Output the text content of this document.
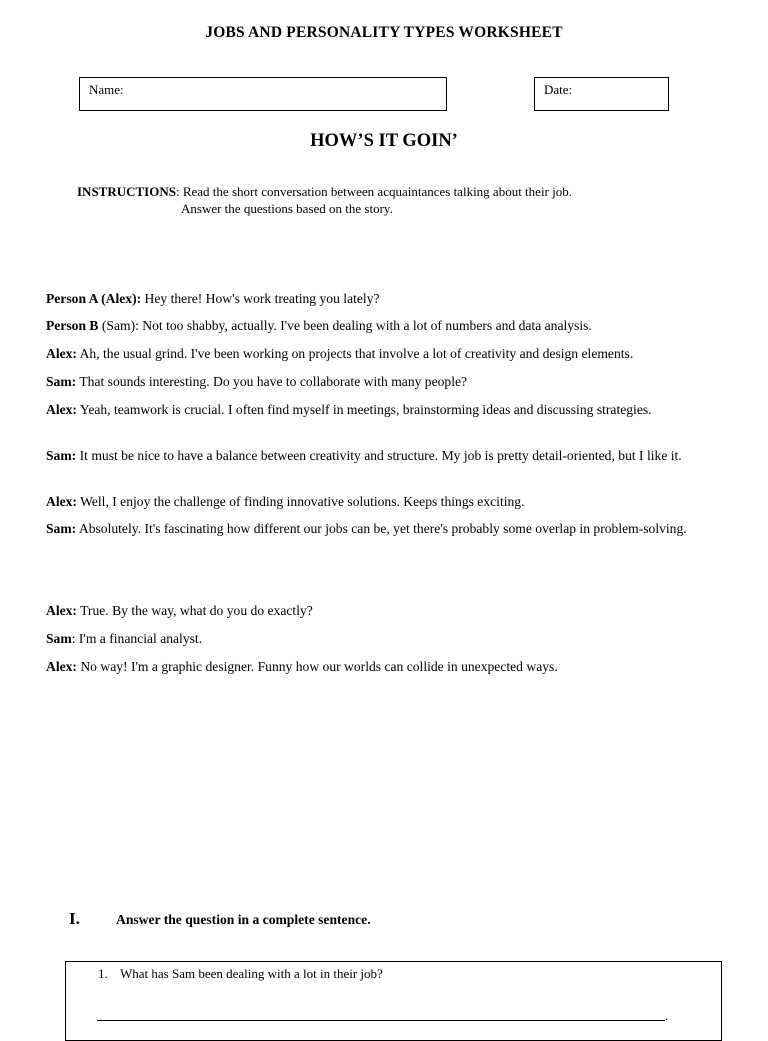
JOBS AND PERSONALITY TYPES WORKSHEET
Name:	Date:
HOW’S IT GOIN’
INSTRUCTIONS: Read the short conversation between acquaintances talking about their job.
Answer the questions based on the story.
Person A (Alex): Hey there! How's work treating you lately?
Person B (Sam): Not too shabby, actually. I've been dealing with a lot of numbers and data analysis.
Alex: Ah, the usual grind. I've been working on projects that involve a lot of creativity and design elements.
Sam: That sounds interesting. Do you have to collaborate with many people?
Alex: Yeah, teamwork is crucial. I often find myself in meetings, brainstorming ideas and discussing strategies.
Sam: It must be nice to have a balance between creativity and structure. My job is pretty detail-oriented, but I like it.
Alex: Well, I enjoy the challenge of finding innovative solutions. Keeps things exciting.
Sam: Absolutely. It's fascinating how different our jobs can be, yet there's probably some overlap in problem-solving.
Alex: True. By the way, what do you do exactly?
Sam: I'm a financial analyst.
Alex: No way! I'm a graphic designer. Funny how our worlds can collide in unexpected ways.
I.	Answer the question in a complete sentence.
1. What has Sam been dealing with a lot in their job?
.
